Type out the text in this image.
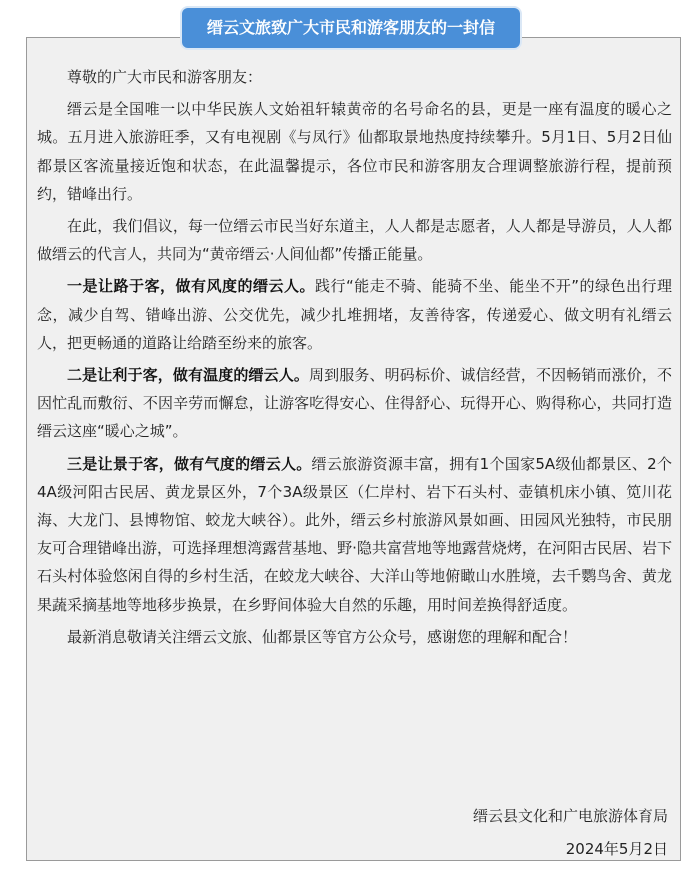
缙云文旅致广大市民和游客朋友的一封信

尊敬的广大市民和游客朋友：

缙云是全国唯一以中华民族人文始祖轩辕黄帝的名号命名的县，更是一座有温度的暖心之城。五月进入旅游旺季，又有电视剧《与凤行》仙都取景地热度持续攀升。5月1日、5月2日仙都景区客流量接近饱和状态，在此温馨提示，各位市民和游客朋友合理调整旅游行程，提前预约，错峰出行。

在此，我们倡议，每一位缙云市民当好东道主，人人都是志愿者，人人都是导游员，人人都做缙云的代言人，共同为“黄帝缙云·人间仙都”传播正能量。

一是让路于客，做有风度的缙云人。践行“能走不骑、能骑不坐、能坐不开”的绿色出行理念，减少自驾、错峰出游、公交优先，减少扎堆拥堵，友善待客，传递爱心、做文明有礼缙云人，把更畅通的道路让给踏至纷来的旅客。

二是让利于客，做有温度的缙云人。周到服务、明码标价、诚信经营，不因畅销而涨价，不因忙乱而敷衍、不因辛劳而懈怠，让游客吃得安心、住得舒心、玩得开心、购得称心，共同打造缙云这座“暖心之城”。

三是让景于客，做有气度的缙云人。缙云旅游资源丰富，拥有1个国家5A级仙都景区、2个4A级河阳古民居、黄龙景区外，7个3A级景区（仁岸村、岩下石头村、壶镇机床小镇、笕川花海、大龙门、县博物馆、蛟龙大峡谷）。此外，缙云乡村旅游风景如画、田园风光独特，市民朋友可合理错峰出游，可选择理想湾露营基地、野·隐共富营地等地露营烧烤，在河阳古民居、岩下石头村体验悠闲自得的乡村生活，在蛟龙大峡谷、大洋山等地俯瞰山水胜境，去千鹦鸟舍、黄龙果蔬采摘基地等地移步换景，在乡野间体验大自然的乐趣，用时间差换得舒适度。

最新消息敬请关注缙云文旅、仙都景区等官方公众号，感谢您的理解和配合！

缙云县文化和广电旅游体育局
2024年5月2日
